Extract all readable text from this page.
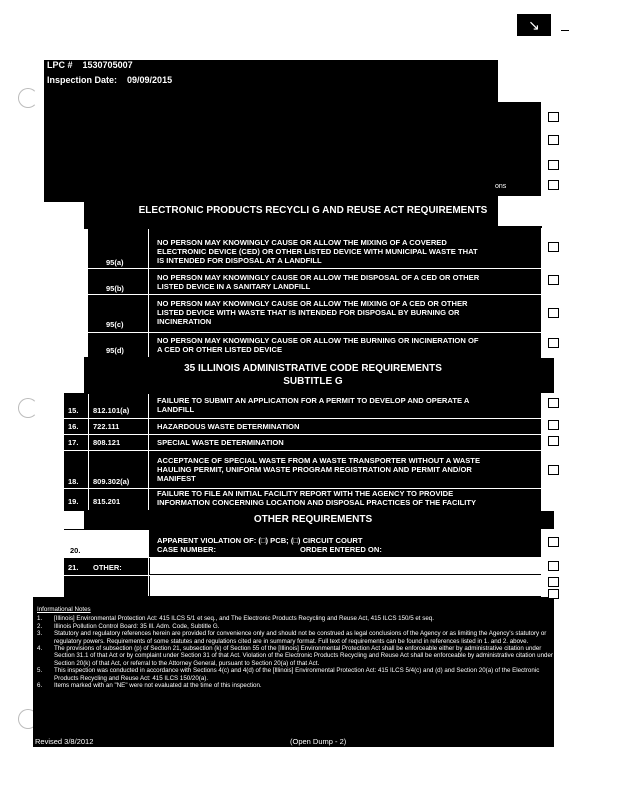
↘
LPC # 1530705007
Inspection Date: 09/09/2015
ons
ELECTRONIC PRODUCTS RECYCLI G AND REUSE ACT REQUIREMENTS
11.	95(a)
NO PERSON MAY KNOWINGLY CAUSE OR ALLOW THE MIXING OF A COVERED
ELECTRONIC DEVICE (CED) OR OTHER LISTED DEVICE WITH MUNICIPAL WASTE THAT
IS INTENDED FOR DISPOSAL AT A LANDFILL
12.	95(b)
NO PERSON MAY KNOWINGLY CAUSE OR ALLOW THE DISPOSAL OF A CED OR OTHER
LISTED DEVICE IN A SANITARY LANDFILL
13.	95(c)
NO PERSON MAY KNOWINGLY CAUSE OR ALLOW THE MIXING OF A CED OR OTHER
LISTED DEVICE WITH WASTE THAT IS INTENDED FOR DISPOSAL BY BURNING OR
INCINERATION
14.	95(d)
NO PERSON MAY KNOWINGLY CAUSE OR ALLOW THE BURNING OR INCINERATION OF
A CED OR OTHER LISTED DEVICE
35 ILLINOIS ADMINISTRATIVE CODE REQUIREMENTS
SUBTITLE G
15. 812.101(a)
FAILURE TO SUBMIT AN APPLICATION FOR A PERMIT TO DEVELOP AND OPERATE A
LANDFILL
16. 722.111	HAZARDOUS WASTE DETERMINATION
17. 808.121	SPECIAL WASTE DETERMINATION
18. 809.302(a)
ACCEPTANCE OF SPECIAL WASTE FROM A WASTE TRANSPORTER WITHOUT A WASTE
HAULING PERMIT, UNIFORM WASTE PROGRAM REGISTRATION AND PERMIT AND/OR
MANIFEST
19. 815.201
FAILURE TO FILE AN INITIAL FACILITY REPORT WITH THE AGENCY TO PROVIDE
INFORMATION CONCERNING LOCATION AND DISPOSAL PRACTICES OF THE FACILITY
OTHER REQUIREMENTS
20.
APPARENT VIOLATION OF: (□) PCB; (□) CIRCUIT COURT
CASE NUMBER:	ORDER ENTERED ON:
21. OTHER:
Informational Notes
1.	[Illinois] Environmental Protection Act: 415 ILCS 5/1 et seq., and The Electronic Products Recycling and Reuse Act, 415 ILCS 150/5 et seq.
2.	Illinois Pollution Control Board: 35 Ill. Adm. Code, Subtitle G.
3.	Statutory and regulatory references herein are provided for convenience only and should not be construed as legal conclusions of the Agency or as limiting the Agency's statutory or regulatory powers. Requirements of some statutes and regulations cited are in summary format. Full text of requirements can be found in references listed in 1. and 2. above.
4.	The provisions of subsection (p) of Section 21, subsection (k) of Section 55 of the [Illinois] Environmental Protection Act shall be enforceable either by administrative citation under Section 31.1 of that Act or by complaint under Section 31 of that Act. Violation of the Electronic Products Recycling and Reuse Act shall be enforceable by administrative citation under Section 20(k) of that Act, or referral to the Attorney General, pursuant to Section 20(a) of that Act.
5.	This inspection was conducted in accordance with Sections 4(c) and 4(d) of the [Illinois] Environmental Protection Act: 415 ILCS 5/4(c) and (d) and Section 20(a) of the Electronic Products Recycling and Reuse Act: 415 ILCS 150/20(a).
6.	Items marked with an "NE" were not evaluated at the time of this inspection.
Revised 3/8/2012	(Open Dump - 2)
